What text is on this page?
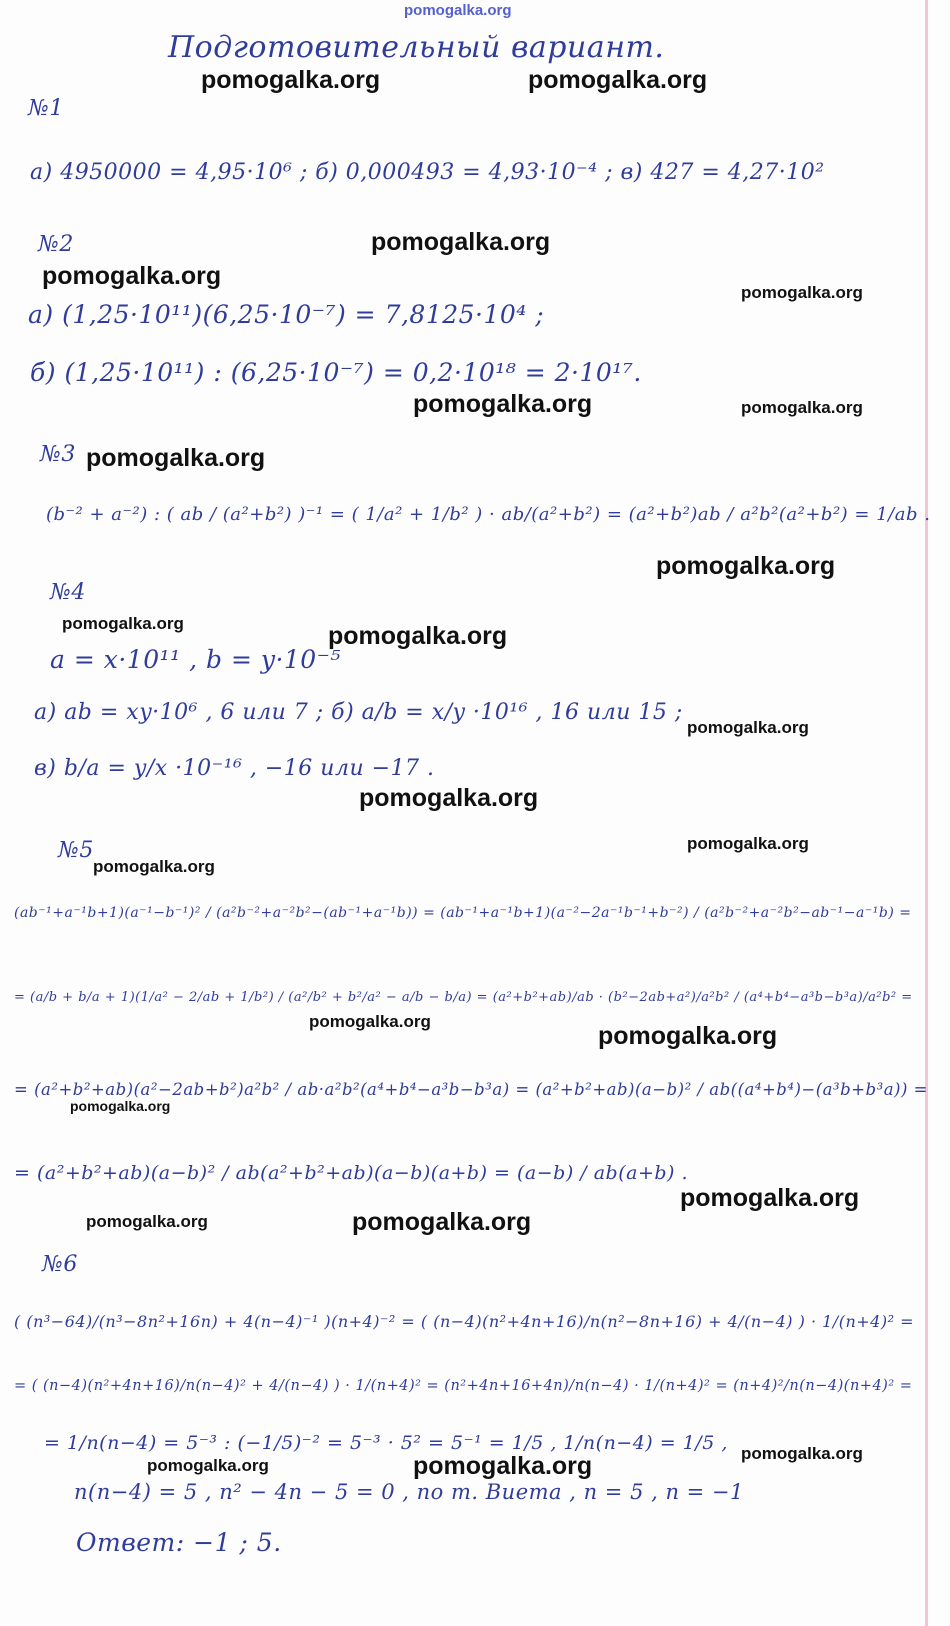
pomogalka.org
Подготовительный вариант.
№1
а) 4950000 = 4,95·10⁶ ; б) 0,000493 = 4,93·10⁻⁴ ; в) 427 = 4,27·10²
№2
а) (1,25·10¹¹)(6,25·10⁻⁷) = 7,8125·10⁴ ;
б) (1,25·10¹¹) : (6,25·10⁻⁷) = 0,2·10¹⁸ = 2·10¹⁷.
№3
(b⁻² + a⁻²) : ( ab / (a²+b²) )⁻¹ = ( 1/a² + 1/b² ) · ab/(a²+b²) = (a²+b²)ab / a²b²(a²+b²) = 1/ab .
№4
a = x·10¹¹ , b = y·10⁻⁵
а) ab = xy·10⁶ , 6 или 7 ; б) a/b = x/y ·10¹⁶ , 16 или 15 ;
в) b/a = y/x ·10⁻¹⁶ , −16 или −17 .
№5
(ab⁻¹+a⁻¹b+1)(a⁻¹−b⁻¹)² / (a²b⁻²+a⁻²b²−(ab⁻¹+a⁻¹b)) = (ab⁻¹+a⁻¹b+1)(a⁻²−2a⁻¹b⁻¹+b⁻²) / (a²b⁻²+a⁻²b²−ab⁻¹−a⁻¹b) =
= (a/b + b/a + 1)(1/a² − 2/ab + 1/b²) / (a²/b² + b²/a² − a/b − b/a) = (a²+b²+ab)/ab · (b²−2ab+a²)/a²b² / (a⁴+b⁴−a³b−b³a)/a²b² =
= (a²+b²+ab)(a²−2ab+b²)a²b² / ab·a²b²(a⁴+b⁴−a³b−b³a) = (a²+b²+ab)(a−b)² / ab((a⁴+b⁴)−(a³b+b³a)) =
= (a²+b²+ab)(a−b)² / ab(a²+b²+ab)(a−b)(a+b) = (a−b) / ab(a+b) .
№6
( (n³−64)/(n³−8n²+16n) + 4(n−4)⁻¹ )(n+4)⁻² = ( (n−4)(n²+4n+16)/n(n²−8n+16) + 4/(n−4) ) · 1/(n+4)² =
= ( (n−4)(n²+4n+16)/n(n−4)² + 4/(n−4) ) · 1/(n+4)² = (n²+4n+16+4n)/n(n−4) · 1/(n+4)² = (n+4)²/n(n−4)(n+4)² =
= 1/n(n−4) = 5⁻³ : (−1/5)⁻² = 5⁻³ · 5² = 5⁻¹ = 1/5 , 1/n(n−4) = 1/5 ,
n(n−4) = 5 , n² − 4n − 5 = 0 , по т. Виета , n = 5 , n = −1
Ответ: −1 ; 5.
pomogalka.org	pomogalka.org
pomogalka.org
pomogalka.org
pomogalka.org
pomogalka.org	pomogalka.org
pomogalka.org
pomogalka.org
pomogalka.org	pomogalka.org
pomogalka.org
pomogalka.org
pomogalka.org
pomogalka.org
pomogalka.org
pomogalka.org
pomogalka.org
pomogalka.org
pomogalka.org	pomogalka.org
pomogalka.org
pomogalka.org
pomogalka.org
